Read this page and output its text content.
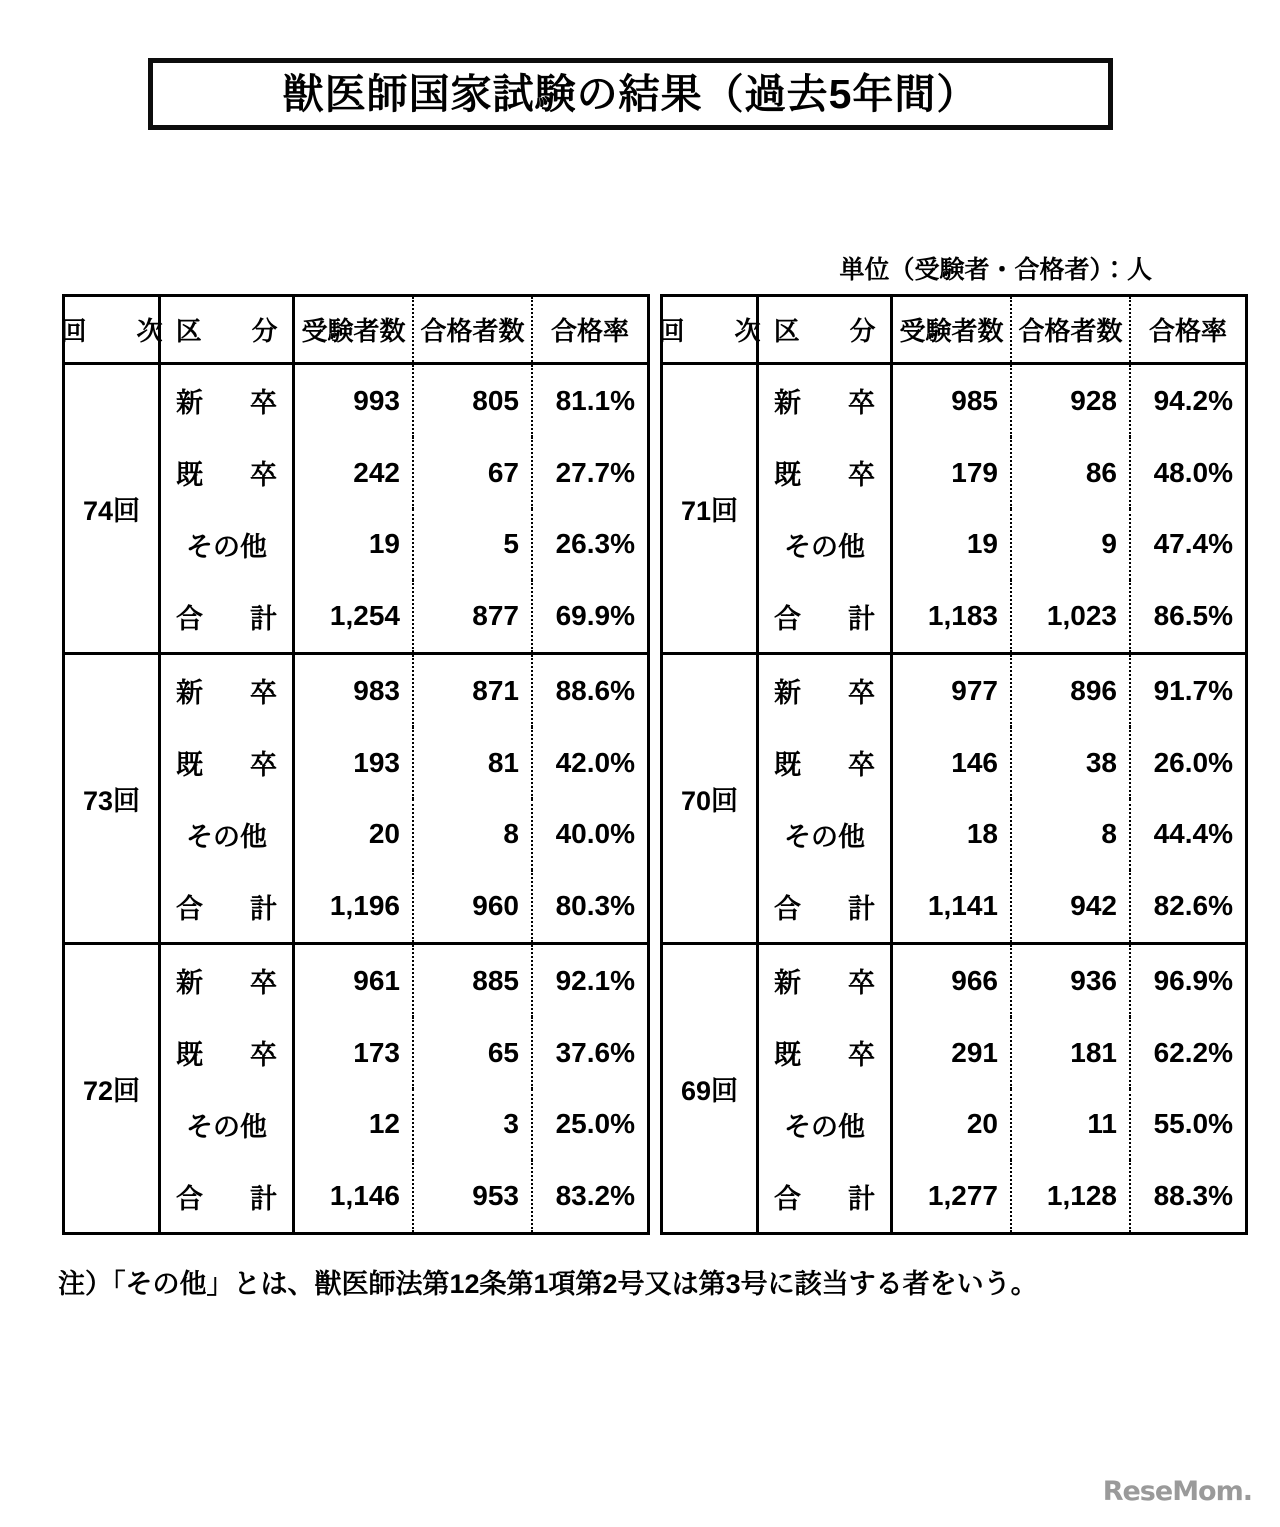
獣医師国家試験の結果（過去5年間）
単位（受験者・合格者）：人
回　次 区　分 受験者数 合格者数	合格率
74回
新　卒	993	805	81.1%
既　卒	242	67	27.7%
その他	19	5	26.3%
合　計	1,254	877	69.9%
73回
新　卒	983	871	88.6%
既　卒	193	81	42.0%
その他	20	8	40.0%
合　計	1,196	960	80.3%
72回
新　卒	961	885	92.1%
既　卒	173	65	37.6%
その他	12	3	25.0%
合　計	1,146	953	83.2%
回　次 区　分 受験者数 合格者数	合格率
71回
新　卒	985	928	94.2%
既　卒	179	86	48.0%
その他	19	9	47.4%
合　計	1,183	1,023	86.5%
70回
新　卒	977	896	91.7%
既　卒	146	38	26.0%
その他	18	8	44.4%
合　計	1,141	942	82.6%
69回
新　卒	966	936	96.9%
既　卒	291	181	62.2%
その他	20	11	55.0%
合　計	1,277	1,128	88.3%
注）「その他」とは、獣医師法第12条第1項第2号又は第3号に該当する者をいう。
ReseMom.
